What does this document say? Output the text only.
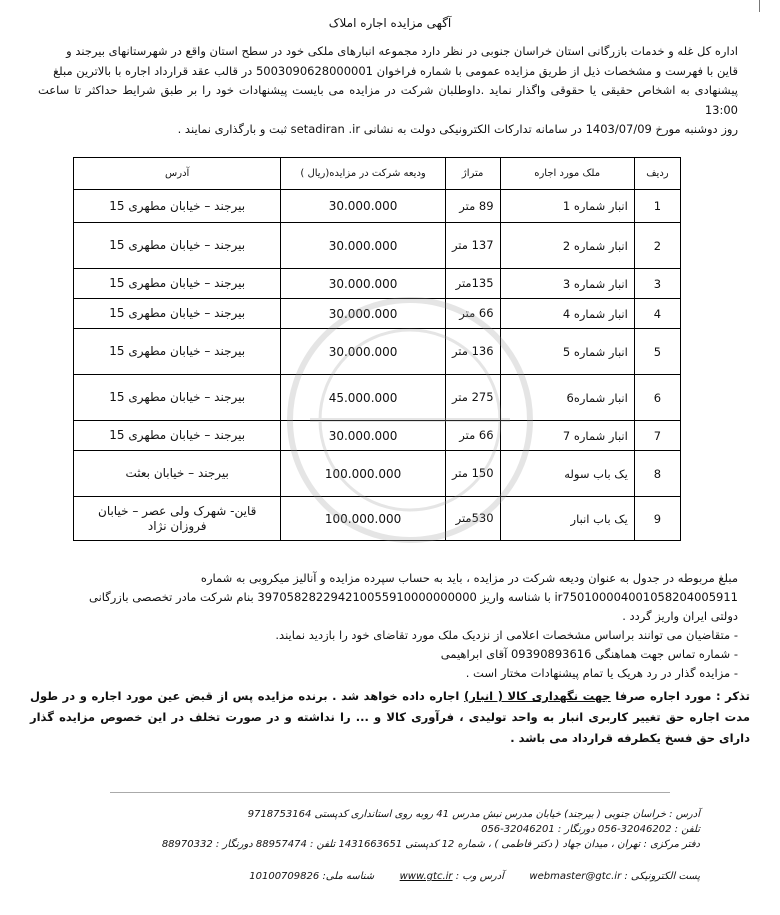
آگهی مزایده اجاره املاک

اداره کل غله و خدمات بازرگانی استان خراسان جنوبی در نظر دارد مجموعه انبارهای ملکی خود در سطح استان واقع در شهرستانهای بیرجند و

قاین با فهرست و مشخصات ذیل از طریق مزایده عمومی با شماره فراخوان 5003090628000001 در قالب عقد قرارداد اجاره با بالاترین مبلغ

پیشنهادی به اشخاص حقیقی یا حقوقی واگذار نماید .داوطلبان شرکت در مزایده می بایست پیشنهادات خود را بر طبق شرایط حداکثر تا ساعت 13:00

روز دوشنبه مورخ 1403/07/09 در سامانه تدارکات الکترونیکی دولت به نشانی setadiran .ir ثبت و بارگذاری نمایند .

ردیف	ملک مورد اجاره	متراژ	ودیعه شرکت در مزایده(ریال )	آدرس
1	انبار شماره 1	89 متر	30.000.000	بیرجند – خیابان مطهری 15
2	انبار شماره 2	137 متر	30.000.000	بیرجند – خیابان مطهری 15
3	انبار شماره 3	135متر	30.000.000	بیرجند – خیابان مطهری 15
4	انبار شماره 4	66 متر	30.000.000	بیرجند – خیابان مطهری 15
5	انبار شماره 5	136 متر	30.000.000	بیرجند – خیابان مطهری 15
6	انبار شماره6	275 متر	45.000.000	بیرجند – خیابان مطهری 15
7	انبار شماره 7	66 متر	30.000.000	بیرجند – خیابان مطهری 15
8	یک باب سوله	150 متر	100.000.000	بیرجند – خیابان بعثت
9	یک باب انبار	530متر	100.000.000	قاین- شهرک ولی عصر – خیابان فروزان نژاد

مبلغ مربوطه در جدول به عنوان ودیعه شرکت در مزایده ، باید به حساب سپرده مزایده و آنالیز میکروبی به شماره

ir750100004001058204005911 با شناسه واریز 397058282294210055910000000000 بنام شرکت مادر تخصصی بازرگانی

دولتی ایران واریز گردد .

- متقاضیان می توانند براساس مشخصات اعلامی از نزدیک ملک مورد تقاضای خود را بازدید نمایند.

- شماره تماس جهت هماهنگی 09390893616 آقای ابراهیمی

- مزایده گذار در رد هریک یا تمام پیشنهادات مختار است .

تذکر : مورد اجاره صرفا جهت نگهداری کالا ( انبار) اجاره داده خواهد شد . برنده مزایده پس از قبض عین مورد اجاره و در طول مدت اجاره حق تغییر کاربری انبار به واحد تولیدی ، فرآوری کالا و ... را نداشته و در صورت تخلف در این خصوص مزایده گذار دارای حق فسخ یکطرفه قرارداد می باشد .
آدرس : خراسان جنوبی ( بیرجند) خیابان مدرس نبش مدرس 41 روبه روی استانداری کدپستی 9718753164
تلفن : 32046202-056 دورنگار : 32046201-056
دفتر مرکزی : تهران ، میدان جهاد ( دکتر فاطمی ) ، شماره 12 کدپستی 1431663651 تلفن : 88957474 دورنگار : 88970332
پست الکترونیکی : webmaster@gtc.ir        آدرس وب : www.gtc.ir        شناسه ملی: 10100709826
